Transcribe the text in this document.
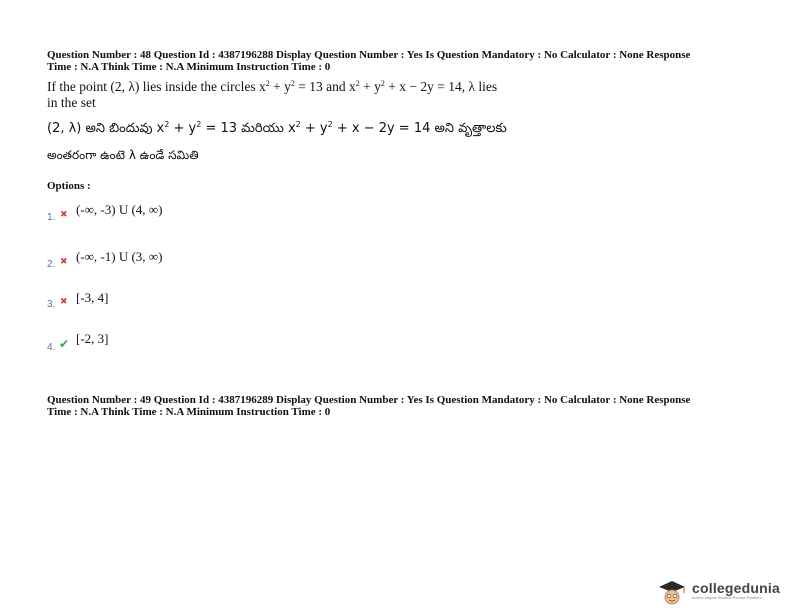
Question Number : 48 Question Id : 4387196288 Display Question Number : Yes Is Question Mandatory : No Calculator : None Response
Time : N.A Think Time : N.A Minimum Instruction Time : 0
If the point (2, λ) lies inside the circles $x^2 + y^2 = 13$ and $x^2 + y^2 + x - 2y = 14$, λ lies
in the set
(2, λ) అని బిందువు $x^2 + y^2 = 13$ మరియు $x^2 + y^2 + x - 2y = 14$ అని వృత్తాలకు
అంతరంగా ఉంటె λ ఉండే సమితి
Options :
1. ✖ (-∞, -3) U (4, ∞)
2. ✖ (-∞, -1) U (3, ∞)
3. ✖ [-3, 4]
4. ✔ [-2, 3]
Question Number : 49 Question Id : 4387196289 Display Question Number : Yes Is Question Mandatory : No Calculator : None Response
Time : N.A Think Time : N.A Minimum Instruction Time : 0
collegedunia
India's largest Student Review Platform
